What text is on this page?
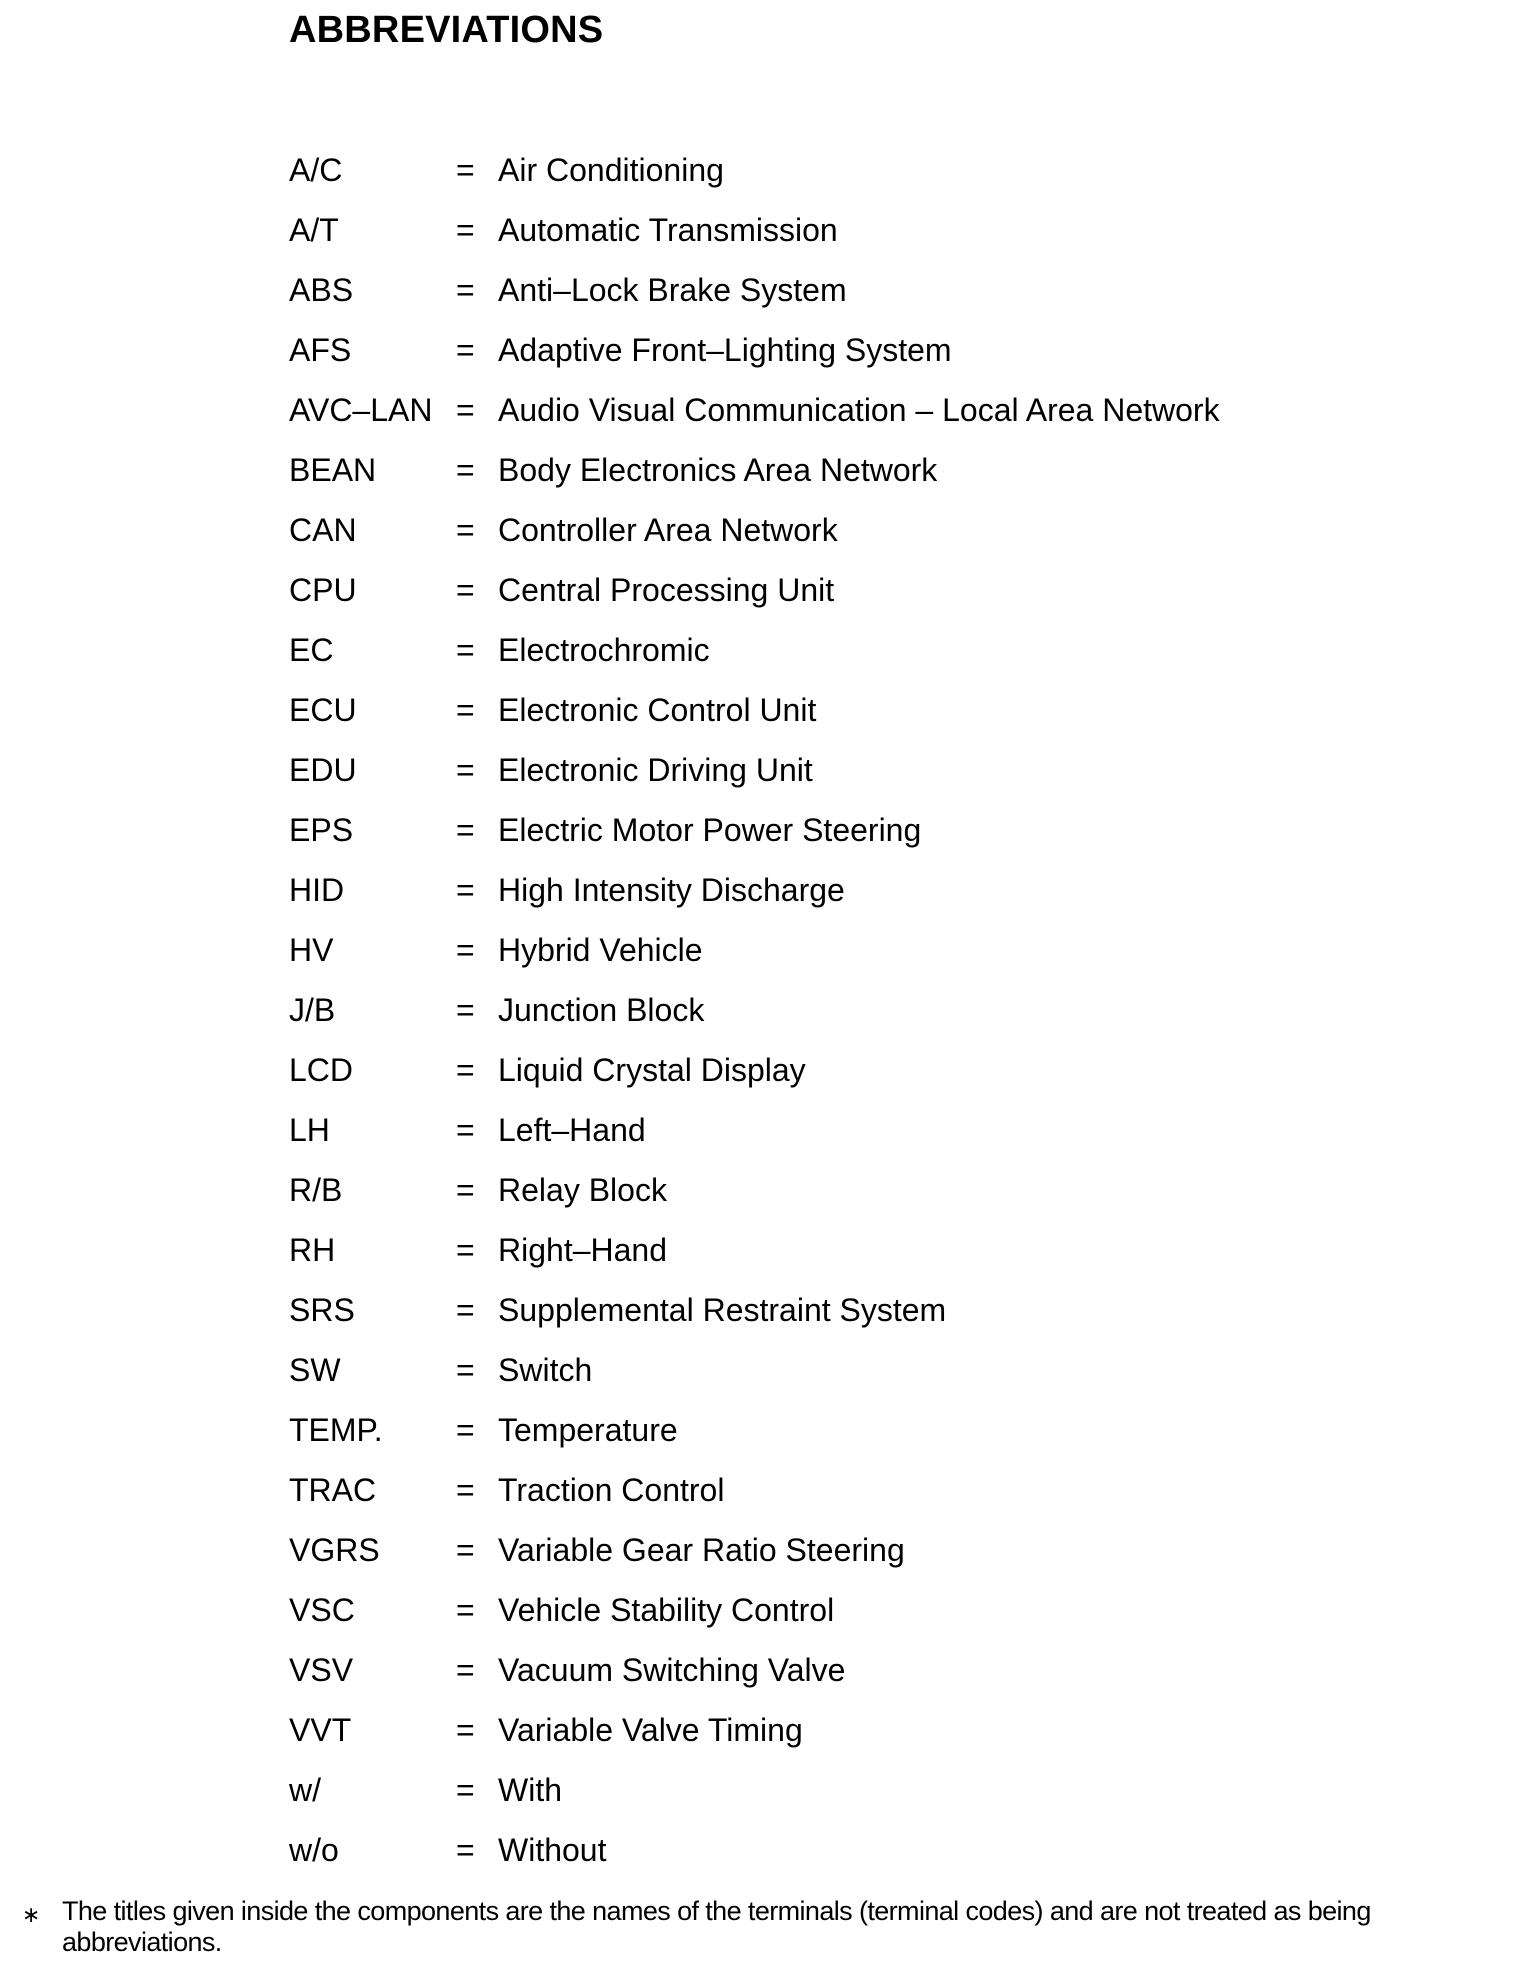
ABBREVIATIONS
A/C	= Air Conditioning
A/T	= Automatic Transmission
ABS	= Anti–Lock Brake System
AFS	= Adaptive Front–Lighting System
AVC–LAN = Audio Visual Communication – Local Area Network
BEAN	= Body Electronics Area Network
CAN	= Controller Area Network
CPU	= Central Processing Unit
EC	= Electrochromic
ECU	= Electronic Control Unit
EDU	= Electronic Driving Unit
EPS	= Electric Motor Power Steering
HID	= High Intensity Discharge
HV	= Hybrid Vehicle
J/B	= Junction Block
LCD	= Liquid Crystal Display
LH	= Left–Hand
R/B	= Relay Block
RH	= Right–Hand
SRS	= Supplemental Restraint System
SW	= Switch
TEMP.	= Temperature
TRAC	= Traction Control
VGRS	= Variable Gear Ratio Steering
VSC	= Vehicle Stability Control
VSV	= Vacuum Switching Valve
VVT	= Variable Valve Timing
w/	= With
w/o	= Without
∗ The titles given inside the components are the names of the terminals (terminal codes) and are not treated as being abbreviations.
